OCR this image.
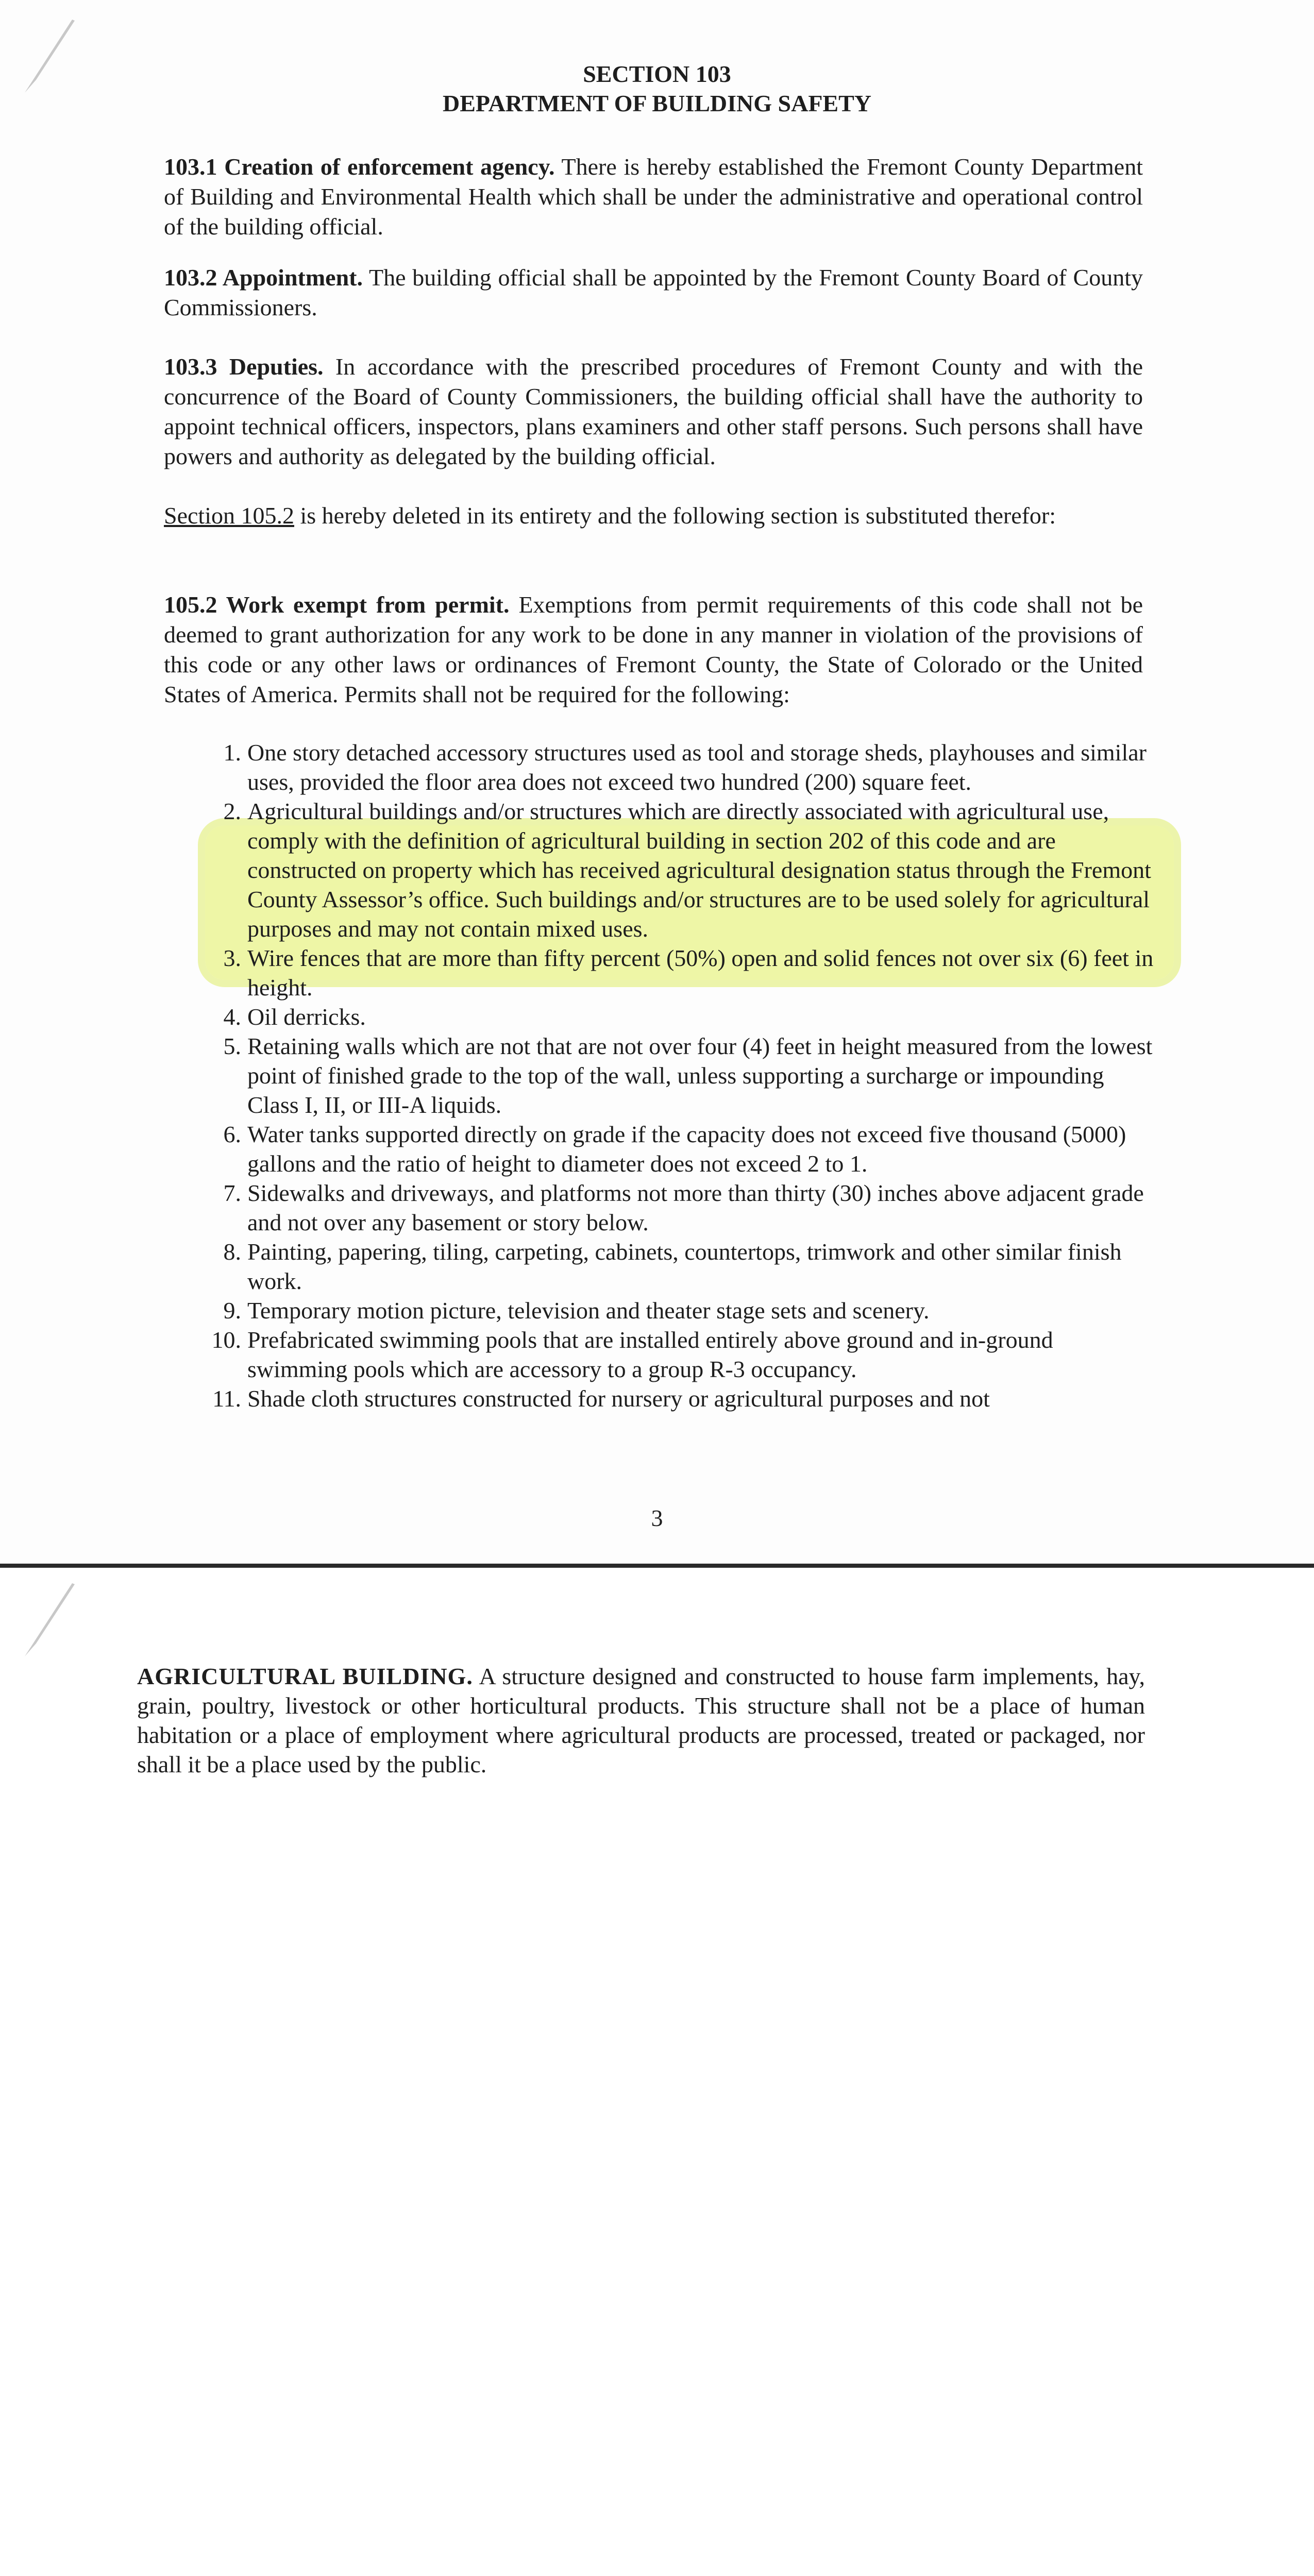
SECTION 103
DEPARTMENT OF BUILDING SAFETY
103.1 Creation of enforcement agency. There is hereby established the Fremont County Department of Building and Environmental Health which shall be under the administrative and operational control of the building official.
103.2 Appointment. The building official shall be appointed by the Fremont County Board of County Commissioners.
103.3 Deputies. In accordance with the prescribed procedures of Fremont County and with the concurrence of the Board of County Commissioners, the building official shall have the authority to appoint technical officers, inspectors, plans examiners and other staff persons. Such persons shall have powers and authority as delegated by the building official.
Section 105.2 is hereby deleted in its entirety and the following section is substituted therefor:
105.2 Work exempt from permit. Exemptions from permit requirements of this code shall not be deemed to grant authorization for any work to be done in any manner in violation of the provisions of this code or any other laws or ordinances of Fremont County, the State of Colorado or the United States of America. Permits shall not be required for the following:
1. One story detached accessory structures used as tool and storage sheds, playhouses and similar uses, provided the floor area does not exceed two hundred (200) square feet.
2. Agricultural buildings and/or structures which are directly associated with agricultural use, comply with the definition of agricultural building in section 202 of this code and are constructed on property which has received agricultural designation status through the Fremont County Assessor’s office. Such buildings and/or structures are to be used solely for agricultural purposes and may not contain mixed uses.
3. Wire fences that are more than fifty percent (50%) open and solid fences not over six (6) feet in height.
4. Oil derricks.
5. Retaining walls which are not that are not over four (4) feet in height measured from the lowest point of finished grade to the top of the wall, unless supporting a surcharge or impounding Class I, II, or III-A liquids.
6. Water tanks supported directly on grade if the capacity does not exceed five thousand (5000) gallons and the ratio of height to diameter does not exceed 2 to 1.
7. Sidewalks and driveways, and platforms not more than thirty (30) inches above adjacent grade and not over any basement or story below.
8. Painting, papering, tiling, carpeting, cabinets, countertops, trimwork and other similar finish work.
9. Temporary motion picture, television and theater stage sets and scenery.
10. Prefabricated swimming pools that are installed entirely above ground and in-ground swimming pools which are accessory to a group R-3 occupancy.
11. Shade cloth structures constructed for nursery or agricultural purposes and not
3
AGRICULTURAL BUILDING. A structure designed and constructed to house farm implements, hay, grain, poultry, livestock or other horticultural products. This structure shall not be a place of human habitation or a place of employment where agricultural products are processed, treated or packaged, nor shall it be a place used by the public.
